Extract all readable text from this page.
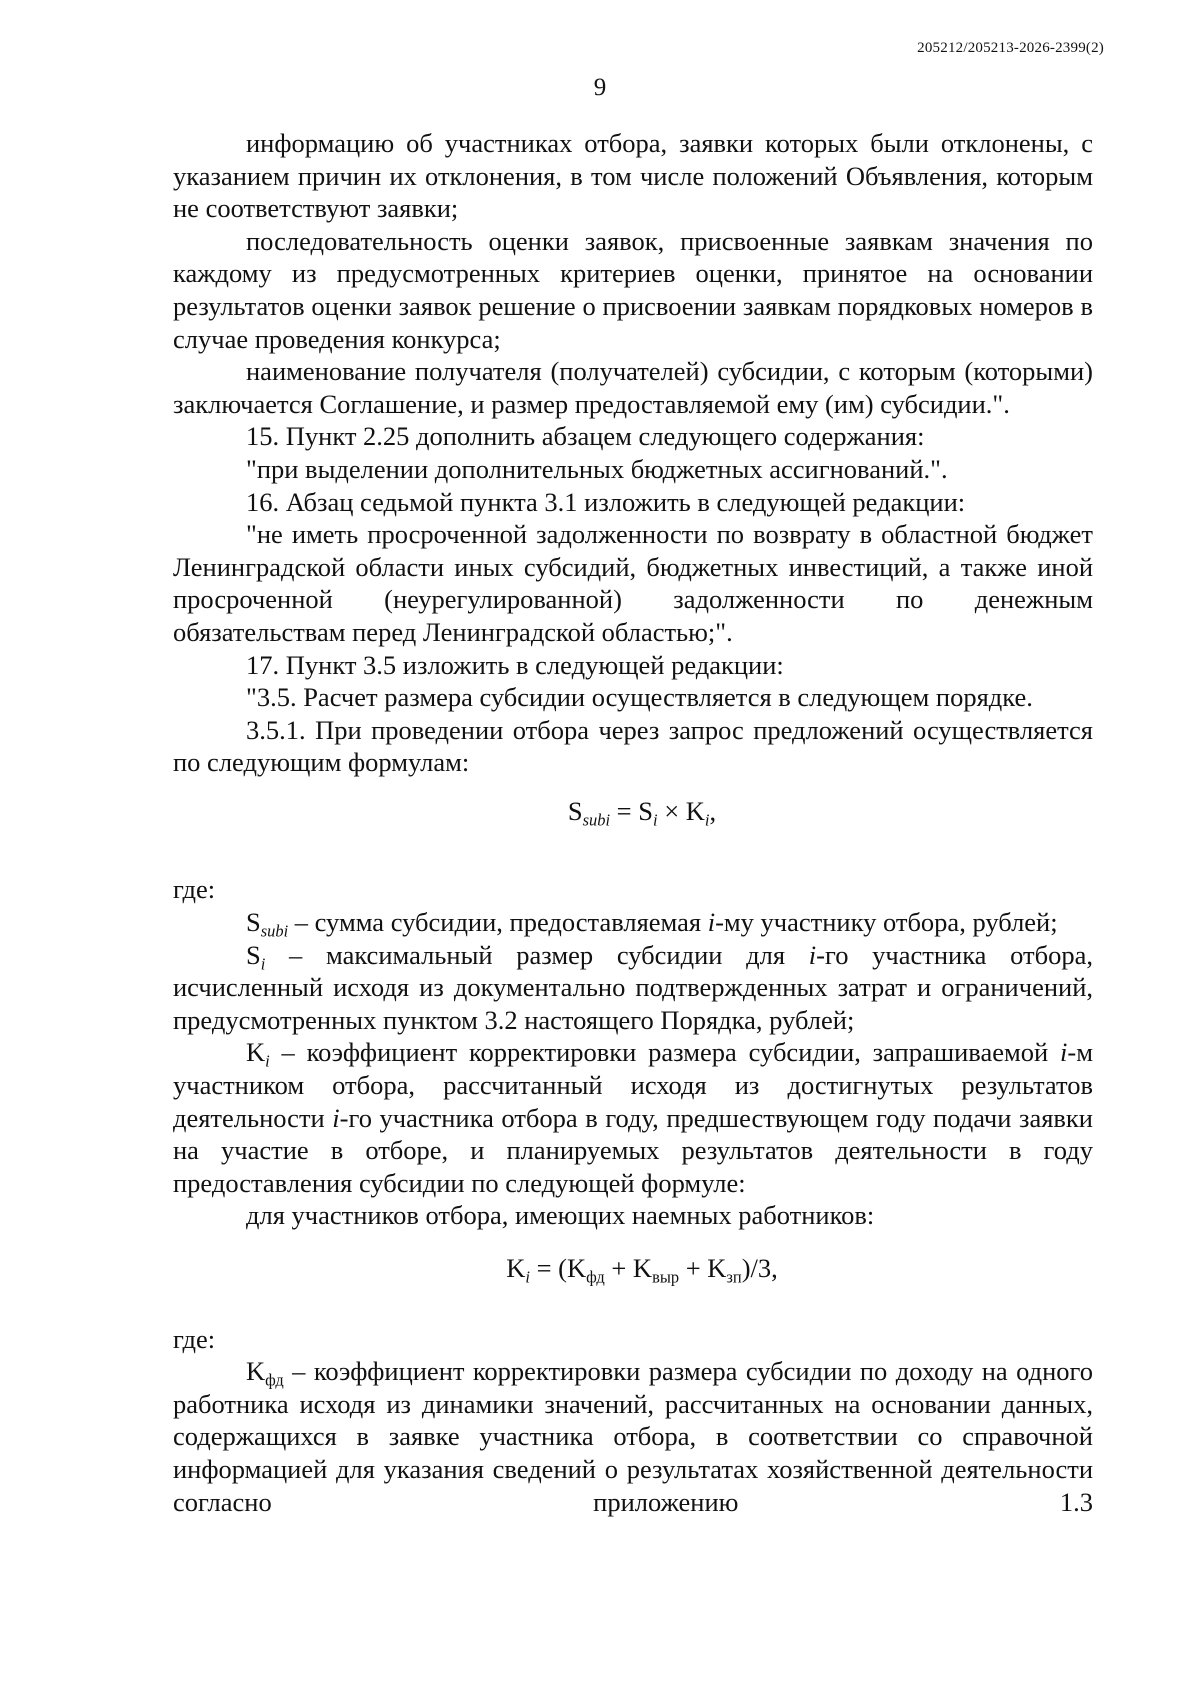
205212/205213-2026-2399(2)
9

информацию об участниках отбора, заявки которых были отклонены, с указанием причин их отклонения, в том числе положений Объявления, которым не соответствуют заявки;

последовательность оценки заявок, присвоенные заявкам значения по каждому из предусмотренных критериев оценки, принятое на основании результатов оценки заявок решение о присвоении заявкам порядковых номеров в случае проведения конкурса;

наименование получателя (получателей) субсидии, с которым (которыми) заключается Соглашение, и размер предоставляемой ему (им) субсидии.".

15. Пункт 2.25 дополнить абзацем следующего содержания:

"при выделении дополнительных бюджетных ассигнований.".

16. Абзац седьмой пункта 3.1 изложить в следующей редакции:

"не иметь просроченной задолженности по возврату в областной бюджет Ленинградской области иных субсидий, бюджетных инвестиций, а также иной просроченной (неурегулированной) задолженности по денежным обязательствам перед Ленинградской областью;".

17. Пункт 3.5 изложить в следующей редакции:

"3.5. Расчет размера субсидии осуществляется в следующем порядке.

3.5.1. При проведении отбора через запрос предложений осуществляется по следующим формулам:

$S_{subi} = S_i \times K_i$,

где:

$S_{subi}$ – сумма субсидии, предоставляемая i-му участнику отбора, рублей;

$S_i$ – максимальный размер субсидии для i-го участника отбора, исчисленный исходя из документально подтвержденных затрат и ограничений, предусмотренных пунктом 3.2 настоящего Порядка, рублей;

$K_i$ – коэффициент корректировки размера субсидии, запрашиваемой i-м участником отбора, рассчитанный исходя из достигнутых результатов деятельности i-го участника отбора в году, предшествующем году подачи заявки на участие в отборе, и планируемых результатов деятельности в году предоставления субсидии по следующей формуле:

для участников отбора, имеющих наемных работников:

$K_i = (K_{фд} + K_{выр} + K_{зп})/3$,

где:

$K_{фд}$ – коэффициент корректировки размера субсидии по доходу на одного работника исходя из динамики значений, рассчитанных на основании данных, содержащихся в заявке участника отбора, в соответствии со справочной информацией для указания сведений о результатах хозяйственной деятельности согласно приложению 1.3
